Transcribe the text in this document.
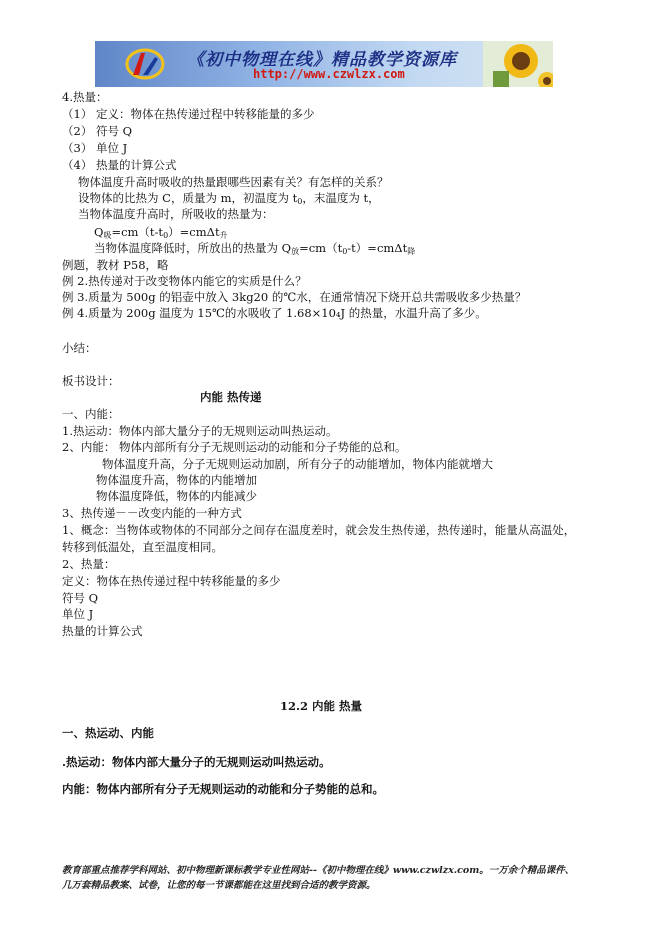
《初中物理在线》精品教学资源库
http://www.czwlzx.com
4.热量：
（1） 定义：物体在热传递过程中转移能量的多少
（2） 符号 Q
（3） 单位 J
（4） 热量的计算公式
物体温度升高时吸收的热量跟哪些因素有关？有怎样的关系？
设物体的比热为 C，质量为 m，初温度为 $t_0$，末温度为 t，
当物体温度升高时，所吸收的热量为：
$Q_吸=cm(t-t_0)=cm\Delta t_升$
当物体温度降低时，所放出的热量为 $Q_放=cm(t_0-t)=cm\Delta t_降$
例题，教材 P58，略
例 2.热传递对于改变物体内能它的实质是什么？
例 3.质量为 500g 的铝壶中放入 3kg20 的℃水，在通常情况下烧开总共需吸收多少热量？
例 4.质量为 200g 温度为 15℃的水吸收了 1.68×10₄J 的热量，水温升高了多少。
小结：
板书设计：
内能 热传递
一、内能：
1.热运动：物体内部大量分子的无规则运动叫热运动。
2、内能： 物体内部所有分子无规则运动的动能和分子势能的总和。
物体温度升高，分子无规则运动加剧，所有分子的动能增加，物体内能就增大
物体温度升高，物体的内能增加
物体温度降低，物体的内能减少
3、热传递－－改变内能的一种方式
1、概念：当物体或物体的不同部分之间存在温度差时，就会发生热传递，热传递时，能量从高温处，
转移到低温处，直至温度相同。
2、热量：
定义：物体在热传递过程中转移能量的多少
符号 Q
单位 J
热量的计算公式
12.2 内能 热量
一、热运动、内能
.热运动：物体内部大量分子的无规则运动叫热运动。
内能：物体内部所有分子无规则运动的动能和分子势能的总和。
教育部重点推荐学科网站、初中物理新课标教学专业性网站--《初中物理在线》www.czwlzx.com。一万余个精品课件、
几万套精品教案、试卷，让您的每一节课都能在这里找到合适的教学资源。
